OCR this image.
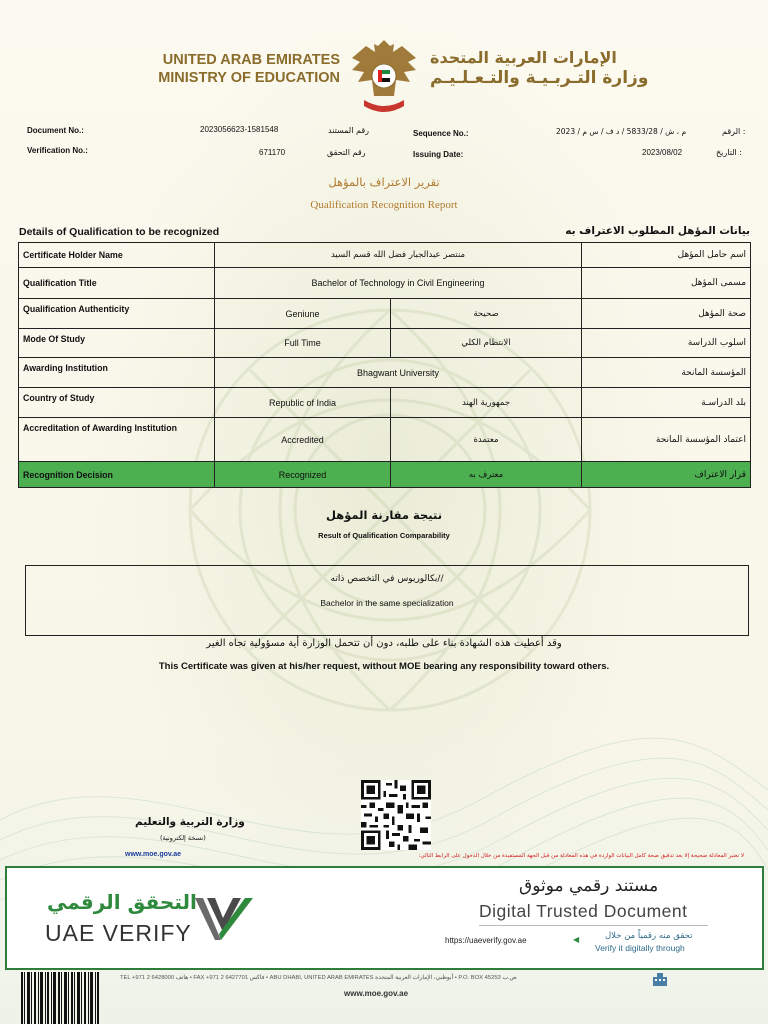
UNITED ARAB EMIRATES
MINISTRY OF EDUCATION
الإمارات العربية المتحدة
وزارة التـربـيـة والتـعـلـيـم
Document No.:	2023056623-1581548	رقم المستند
Verification No.:	671170	رقم التحقق
Sequence No.:	م ، ش / 5833/28 / د ف / س م / 2023	الرقم :
Issuing Date:	2023/08/02	التاريخ :
تقرير الاعتراف بالمؤهل
Qualification Recognition Report
Details of Qualification to be recognized	بيانات المؤهل المطلوب الاعتراف به
Certificate Holder Name	منتصر عبدالجبار فضل الله قسم السيد		اسم حامل المؤهل
Qualification Title	Bachelor of Technology in Civil Engineering		مسمى المؤهل
Qualification Authenticity	Geniune	صحيحة	صحة المؤهل
Mode Of Study	Full Time	الانتظام الكلي	اسلوب الدراسة
Awarding Institution	Bhagwant University		المؤسسة المانحة
Country of Study	Republic of India	جمهورية الهند	بلد الدراسـة
Accreditation of Awarding Institution	Accredited	معتمدة	اعتماد المؤسسة المانحة
Recognition Decision	Recognized	معترف به	قرار الاعتراف
نتيجة مقارنة المؤهل
Result of Qualification Comparability
بكالوريوس في التخصص ذاته//
Bachelor in the same specialization
وقد أعطيت هذه الشهادة بناء على طلبه، دون أن تتحمل الوزارة أية مسؤولية تجاه الغير
This Certificate was given at his/her request, without MOE bearing any responsibility toward others.
وزارة التربية والتعليم
(نسخة إلكترونية)
www.moe.gov.ae	لا تعتبر المعادلة صحيحة إلا بعد تدقيق صحة كامل البيانات الواردة في هذه المعادلة من قبل الجهة المستفيدة من خلال الدخول على الرابط التالي:
التحقق الرقمي
UAE VERIFY
مستند رقمي موثوق
Digital Trusted Document
https://uaeverify.gov.ae	◀	تحقق منه رقمياً من خلال
Verify it digitally through
TEL +971 2 6428000 هاتف • FAX +971 2 6427701 فاكس • ABU DHABI, UNITED ARAB EMIRATES أبوظبي، الإمارات العربية المتحدة • P.O. BOX 45253 ص.ب
www.moe.gov.ae
